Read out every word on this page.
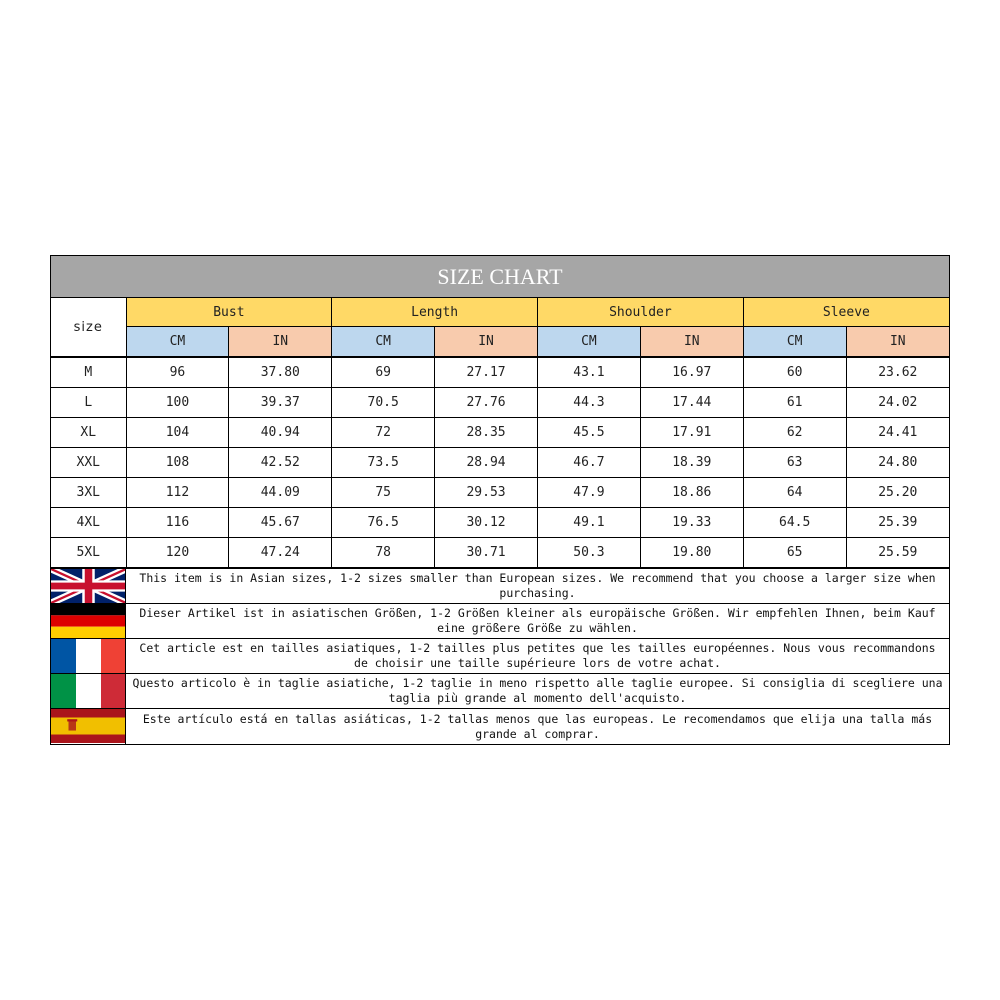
SIZE CHART
size	Bust		Length		Shoulder		Sleeve	
	CM	IN	CM	IN	CM	IN	CM	IN
M	96	37.80	69	27.17	43.1	16.97	60	23.62
L	100	39.37	70.5	27.76	44.3	17.44	61	24.02
XL	104	40.94	72	28.35	45.5	17.91	62	24.41
XXL	108	42.52	73.5	28.94	46.7	18.39	63	24.80
3XL	112	44.09	75	29.53	47.9	18.86	64	25.20
4XL	116	45.67	76.5	30.12	49.1	19.33	64.5	25.39
5XL	120	47.24	78	30.71	50.3	19.80	65	25.59
This item is in Asian sizes, 1-2 sizes smaller than European sizes. We recommend that you choose a larger size when purchasing.
Dieser Artikel ist in asiatischen Größen, 1-2 Größen kleiner als europäische Größen. Wir empfehlen Ihnen, beim Kauf eine größere Größe zu wählen.
Cet article est en tailles asiatiques, 1-2 tailles plus petites que les tailles européennes. Nous vous recommandons de choisir une taille supérieure lors de votre achat.
Questo articolo è in taglie asiatiche, 1-2 taglie in meno rispetto alle taglie europee. Si consiglia di scegliere una taglia più grande al momento dell'acquisto.
Este artículo está en tallas asiáticas, 1-2 tallas menos que las europeas. Le recomendamos que elija una talla más grande al comprar.
